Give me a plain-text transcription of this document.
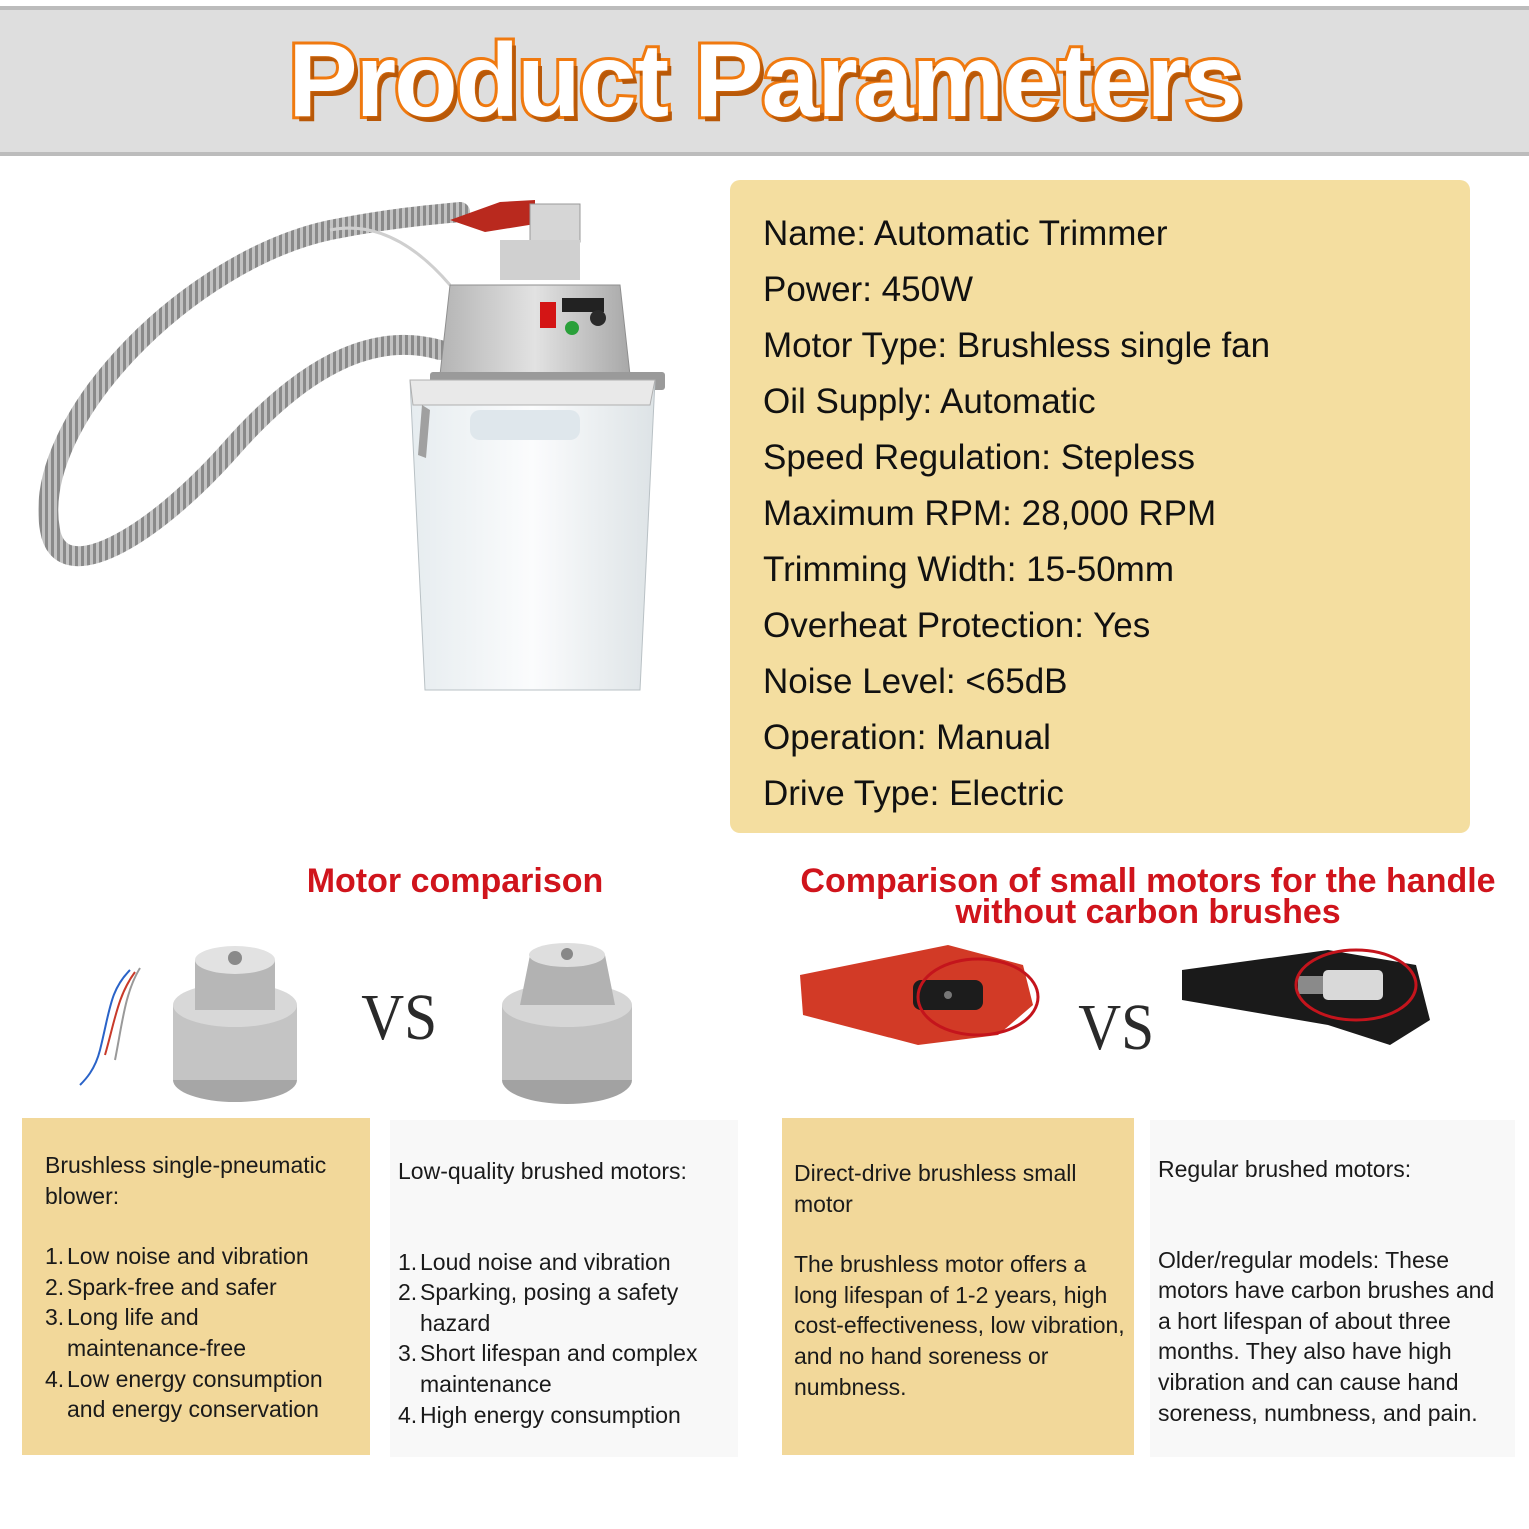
Product Parameters
Name: Automatic Trimmer
Power: 450W
Motor Type: Brushless single fan
Oil Supply: Automatic
Speed Regulation: Stepless
Maximum RPM: 28,000 RPM
Trimming Width: 15-50mm
Overheat Protection: Yes
Noise Level: <65dB
Operation: Manual
Drive Type: Electric
Motor comparison	Comparison of small motors for the handle
without carbon brushes
VS	VS

Brushless single-pneumatic blower:

1. Low noise and vibration
2. Spark-free and safer
3. Long life and maintenance-free
4. Low energy consumption and energy conservation

Low-quality brushed motors:

1. Loud noise and vibration
2. Sparking, posing a safety hazard
3. Short lifespan and complex maintenance
4. High energy consumption

Direct-drive brushless small motor

The brushless motor offers a long lifespan of 1-2 years, high cost-effectiveness, low vibration, and no hand soreness or numbness.

Regular brushed motors:

Older/regular models: These motors have carbon brushes and a hort lifespan of about three months. They also have high vibration and can cause hand soreness, numbness, and pain.
